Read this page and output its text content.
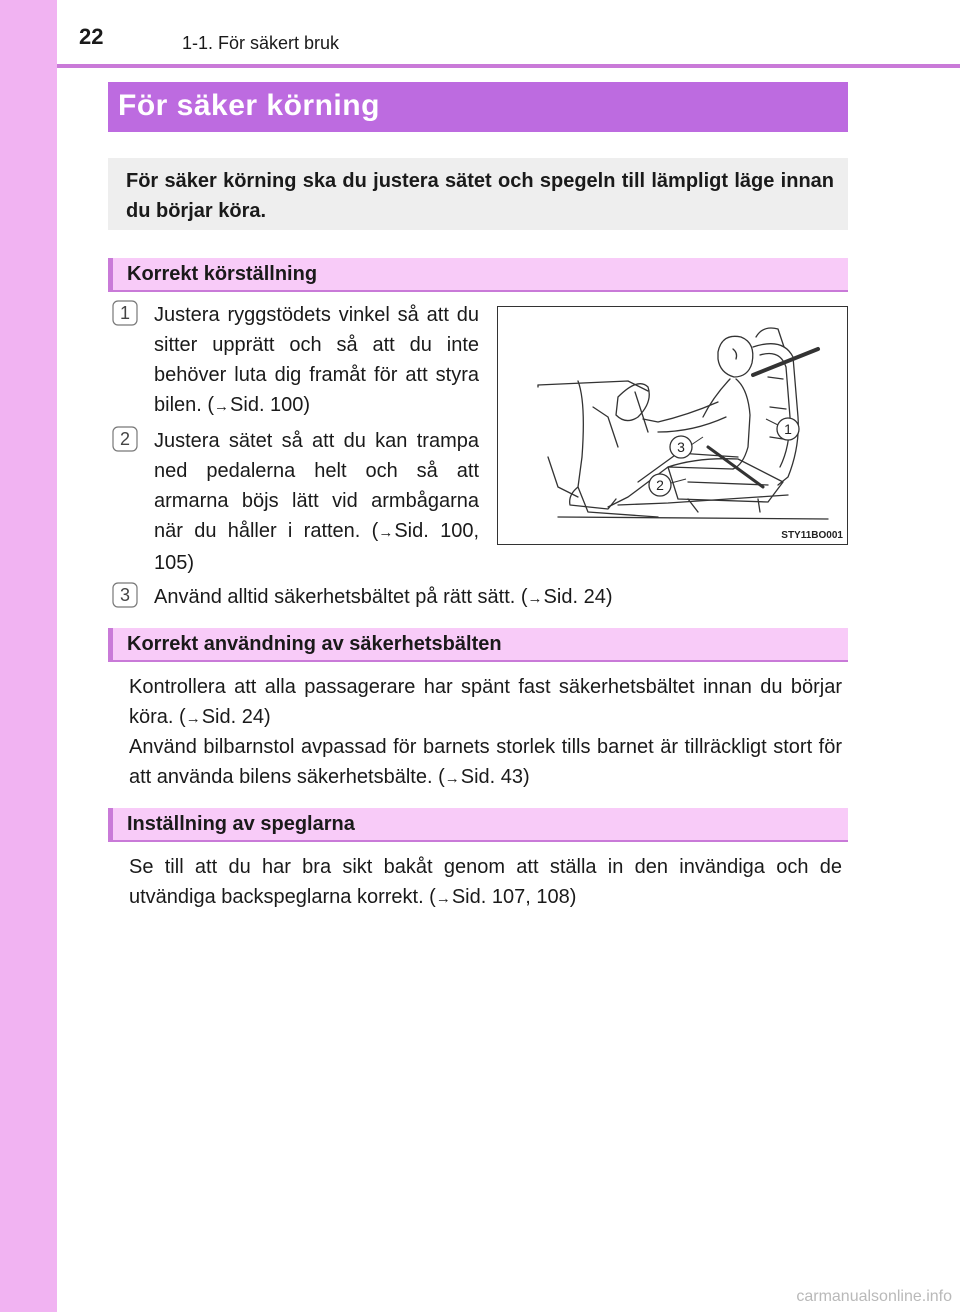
22	1-1. För säkert bruk
För säker körning

För säker körning ska du justera sätet och spegeln till lämpligt läge innan du börjar köra.

Korrekt körställning
1 Justera ryggstödets vinkel så att du sitter upprätt och så att du inte behöver luta dig framåt för att styra bilen. (→Sid. 100)

2 Justera sätet så att du kan trampa ned pedalerna helt och så att armarna böjs lätt vid armbågarna när du håller i ratten. (→Sid. 100, 105)

3 Använd alltid säkerhetsbältet på rätt sätt. (→Sid. 24)

1
2
3
STY11BO001
Korrekt användning av säkerhetsbälten

Kontrollera att alla passagerare har spänt fast säkerhetsbältet innan du börjar köra. (→Sid. 24)

Använd bilbarnstol avpassad för barnets storlek tills barnet är tillräckligt stort för att använda bilens säkerhetsbälte. (→Sid. 43)

Inställning av speglarna

Se till att du har bra sikt bakåt genom att ställa in den invändiga och de utvändiga backspeglarna korrekt. (→Sid. 107, 108)

carmanualsonline.info
